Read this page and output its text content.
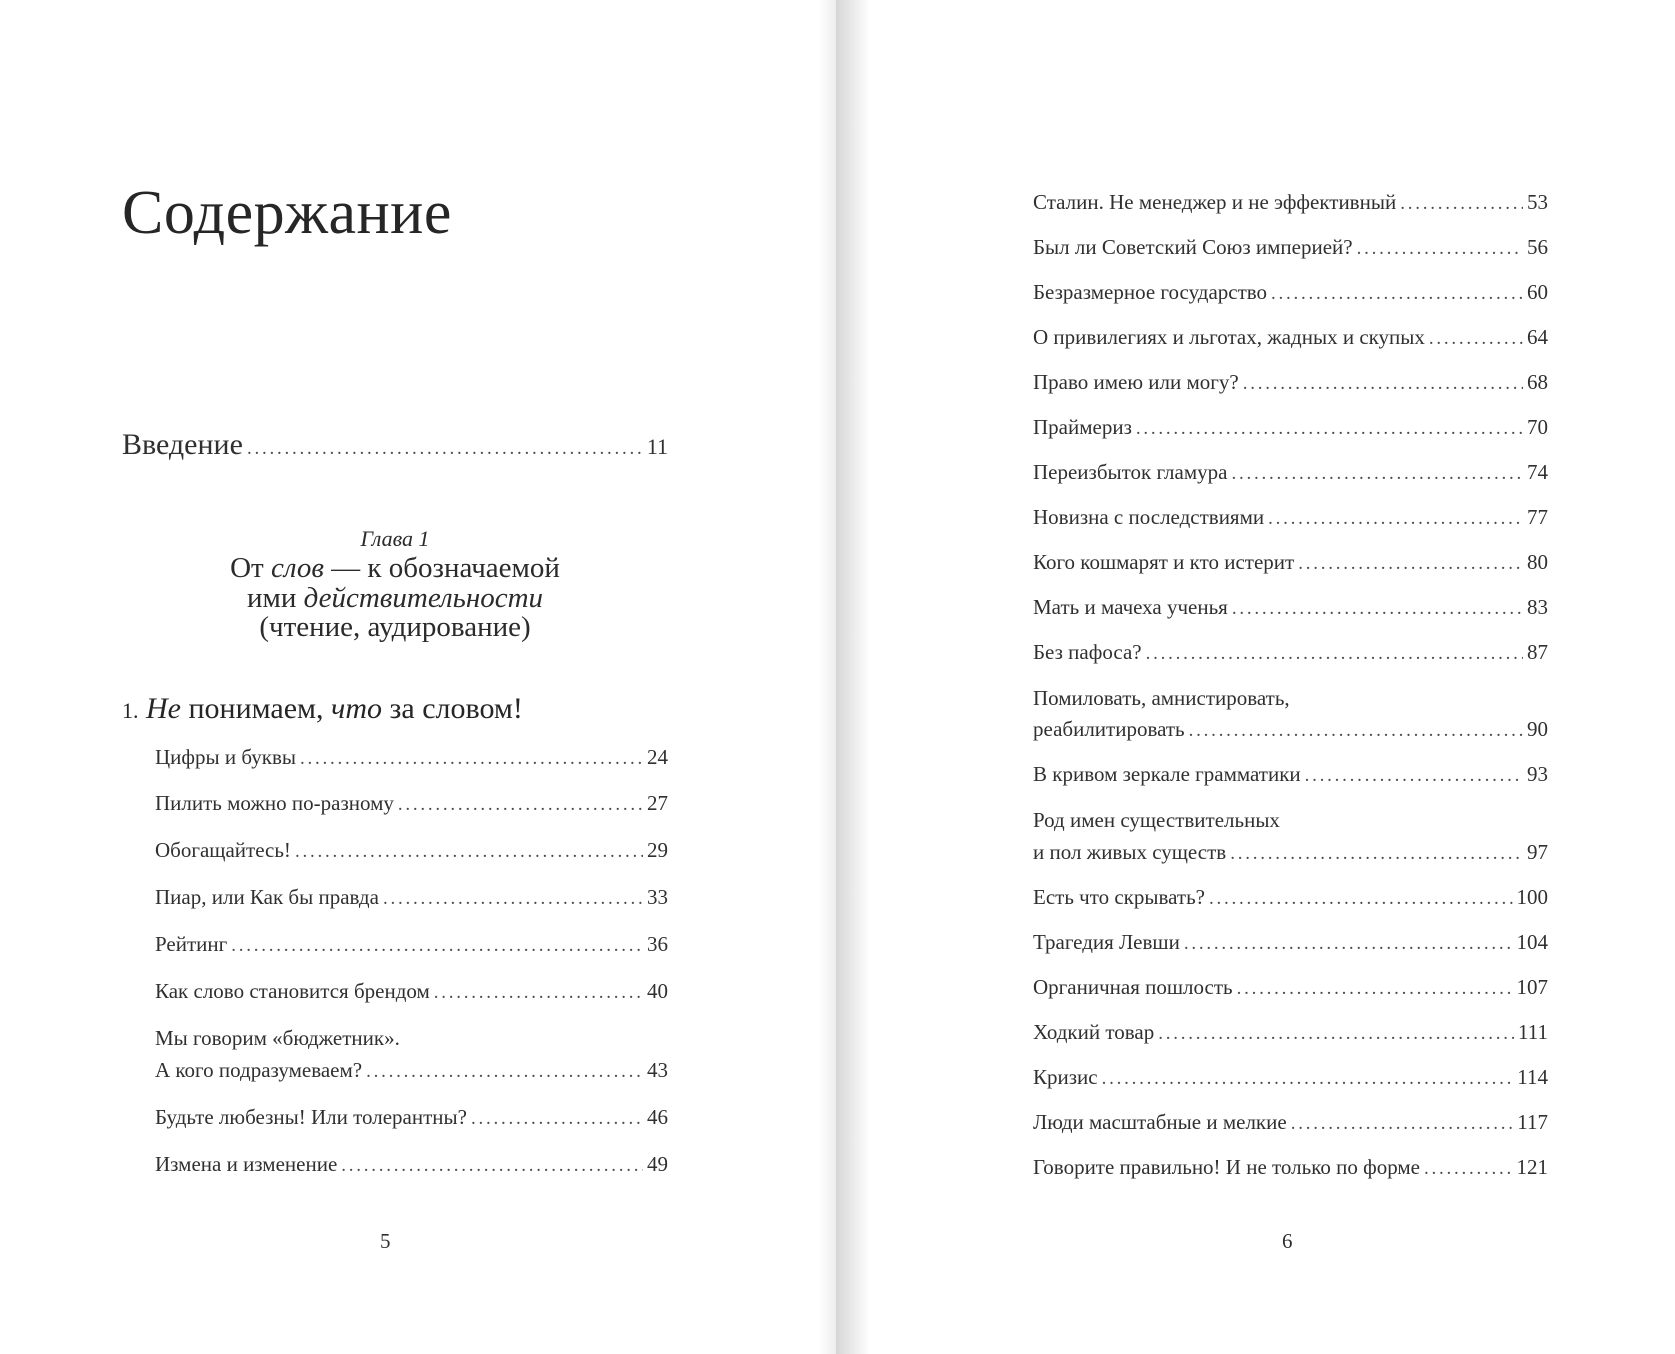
Содержание
Введение . . .	11
Глава 1
От слов — к обозначаемой
ими действительности
(чтение, аудирование)
1. Не понимаем, что за словом!
Цифры и буквы . . .	24
Пилить можно по-разному . . .	27
Обогащайтесь! . . .	29
Пиар, или Как бы правда . . .	33
Рейтинг . . .	36
Как слово становится брендом . . .	40
Мы говорим «бюджетник».
А кого подразумеваем? . . .	43
Будьте любезны! Или толерантны? . . .	46
Измена и изменение . . .	49
5
Сталин. Не менеджер и не эффективный . . .	53
Был ли Советский Союз империей? . . .	56
Безразмерное государство . . .	60
О привилегиях и льготах, жадных и скупых . . .	64
Право имею или могу? . . .	68
Праймериз . . .	70
Переизбыток гламура . . .	74
Новизна с последствиями . . .	77
Кого кошмарят и кто истерит . . .	80
Мать и мачеха ученья . . .	83
Без пафоса? . . .	87
Помиловать, амнистировать,
реабилитировать . . .	90
В кривом зеркале грамматики . . .	93
Род имен существительных
и пол живых существ . . .	97
Есть что скрывать? . . .	100
Трагедия Левши . . .	104
Органичная пошлость . . .	107
Ходкий товар . . .	111
Кризис . . .	114
Люди масштабные и мелкие . . .	117
Говорите правильно! И не только по форме . . .	121
6
